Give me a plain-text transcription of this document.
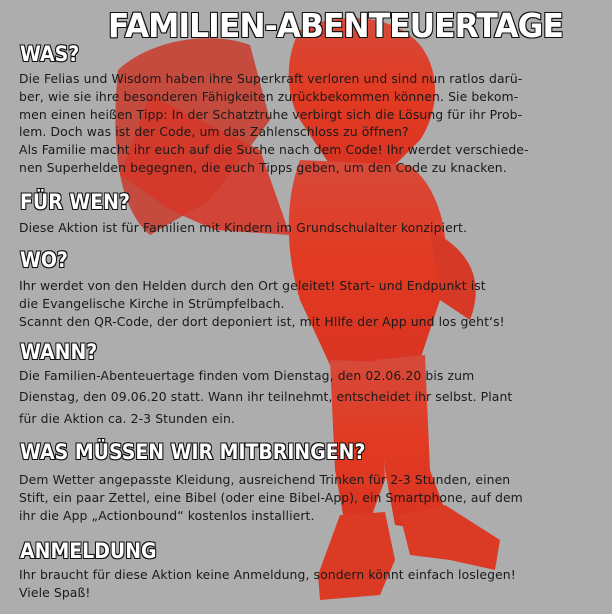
FAMILIEN-ABENTEUERTAGE
WAS?
Die Felias und Wisdom haben ihre Superkraft verloren und sind nun ratlos darü-
ber, wie sie ihre besonderen Fähigkeiten zurückbekommen können. Sie bekom-
men einen heißen Tipp: In der Schatztruhe verbirgt sich die Lösung für ihr Prob-
lem. Doch was ist der Code, um das Zahlenschloss zu öffnen?
Als Familie macht ihr euch auf die Suche nach dem Code! Ihr werdet verschiede-
nen Superhelden begegnen, die euch Tipps geben, um den Code zu knacken.
FÜR WEN?
Diese Aktion ist für Familien mit Kindern im Grundschulalter konzipiert.
WO?
Ihr werdet von den Helden durch den Ort geleitet! Start- und Endpunkt ist
die Evangelische Kirche in Strümpfelbach.
Scannt den QR-Code, der dort deponiert ist, mit HIlfe der App und los geht‘s!
WANN?
Die Familien-Abenteuertage finden vom Dienstag, den 02.06.20 bis zum
Dienstag, den 09.06.20 statt. Wann ihr teilnehmt, entscheidet ihr selbst. Plant
für die Aktion ca. 2-3 Stunden ein.
WAS MÜSSEN WIR MITBRINGEN?
Dem Wetter angepasste Kleidung, ausreichend Trinken für 2-3 Stunden, einen
Stift, ein paar Zettel, eine Bibel (oder eine Bibel-App), ein Smartphone, auf dem
ihr die App „Actionbound“ kostenlos installiert.
ANMELDUNG
Ihr braucht für diese Aktion keine Anmeldung, sondern könnt einfach loslegen!
Viele Spaß!
